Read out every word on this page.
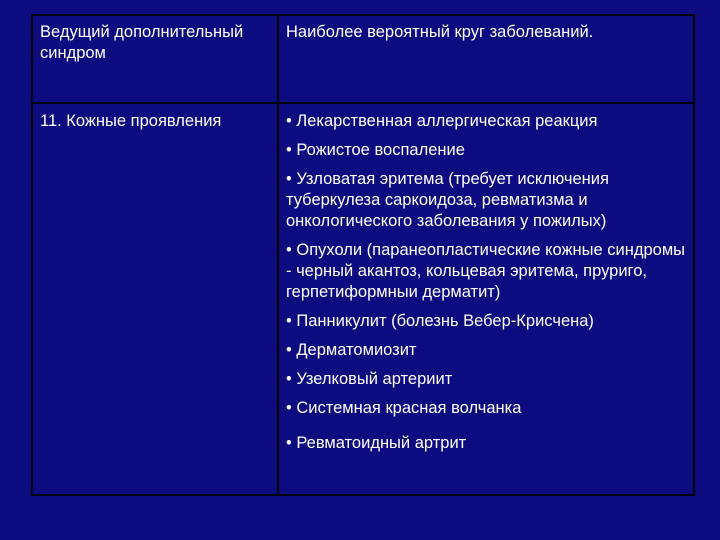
Ведущий дополнительный синдром
Наиболее вероятный круг заболеваний.
11. Кожные проявления	• Лекарственная аллергическая реакция
• Рожистое воспаление
• Узловатая эритема (требует исключения туберкулеза саркоидоза, ревматизма и онкологического заболевания у пожилых)
• Опухоли (паранеопластические кожные синдромы - черный акантоз, кольцевая эритема, пруриго, герпетиформныи дерматит)
• Панникулит (болезнь Вебер-Крисчена)
• Дерматомиозит
• Узелковый артериит
• Системная красная волчанка
• Ревматоидный артрит
